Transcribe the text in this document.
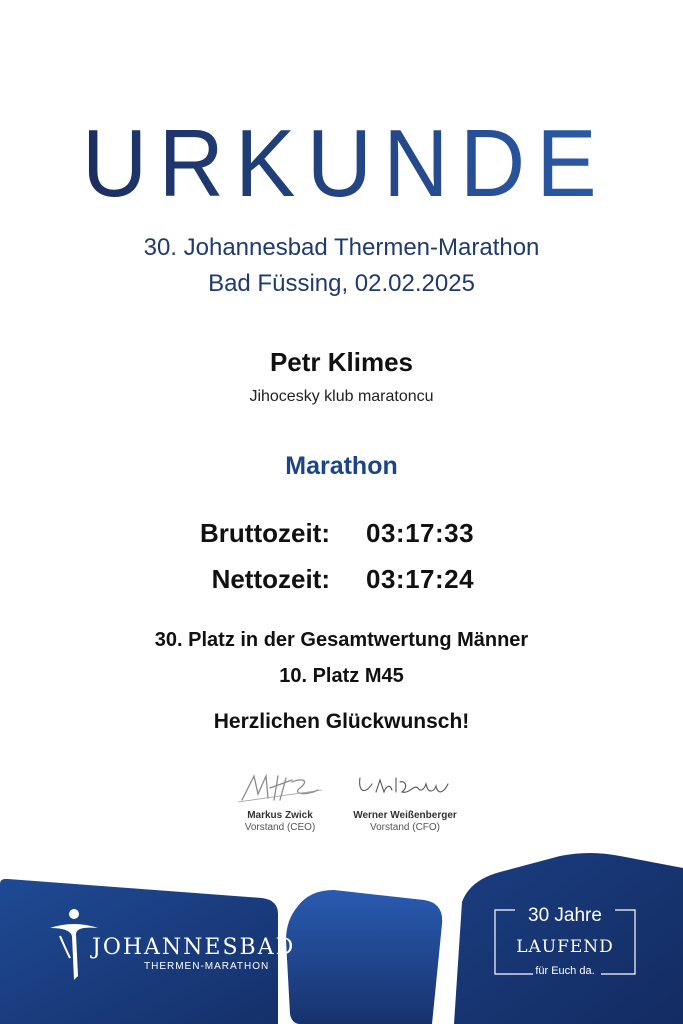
URKUNDE
30. Johannesbad Thermen-Marathon
Bad Füssing, 02.02.2025
Petr Klimes
Jihocesky klub maratoncu
Marathon
Bruttozeit: 03:17:33
Nettozeit: 03:17:24
30. Platz in der Gesamtwertung Männer
10. Platz M45
Herzlichen Glückwunsch!
Markus Zwick
Vorstand (CEO)
Werner Weißenberger
Vorstand (CFO)
JOHANNESBAD
THERMEN-MARATHON
30 Jahre
LAUFEND
für Euch da.
